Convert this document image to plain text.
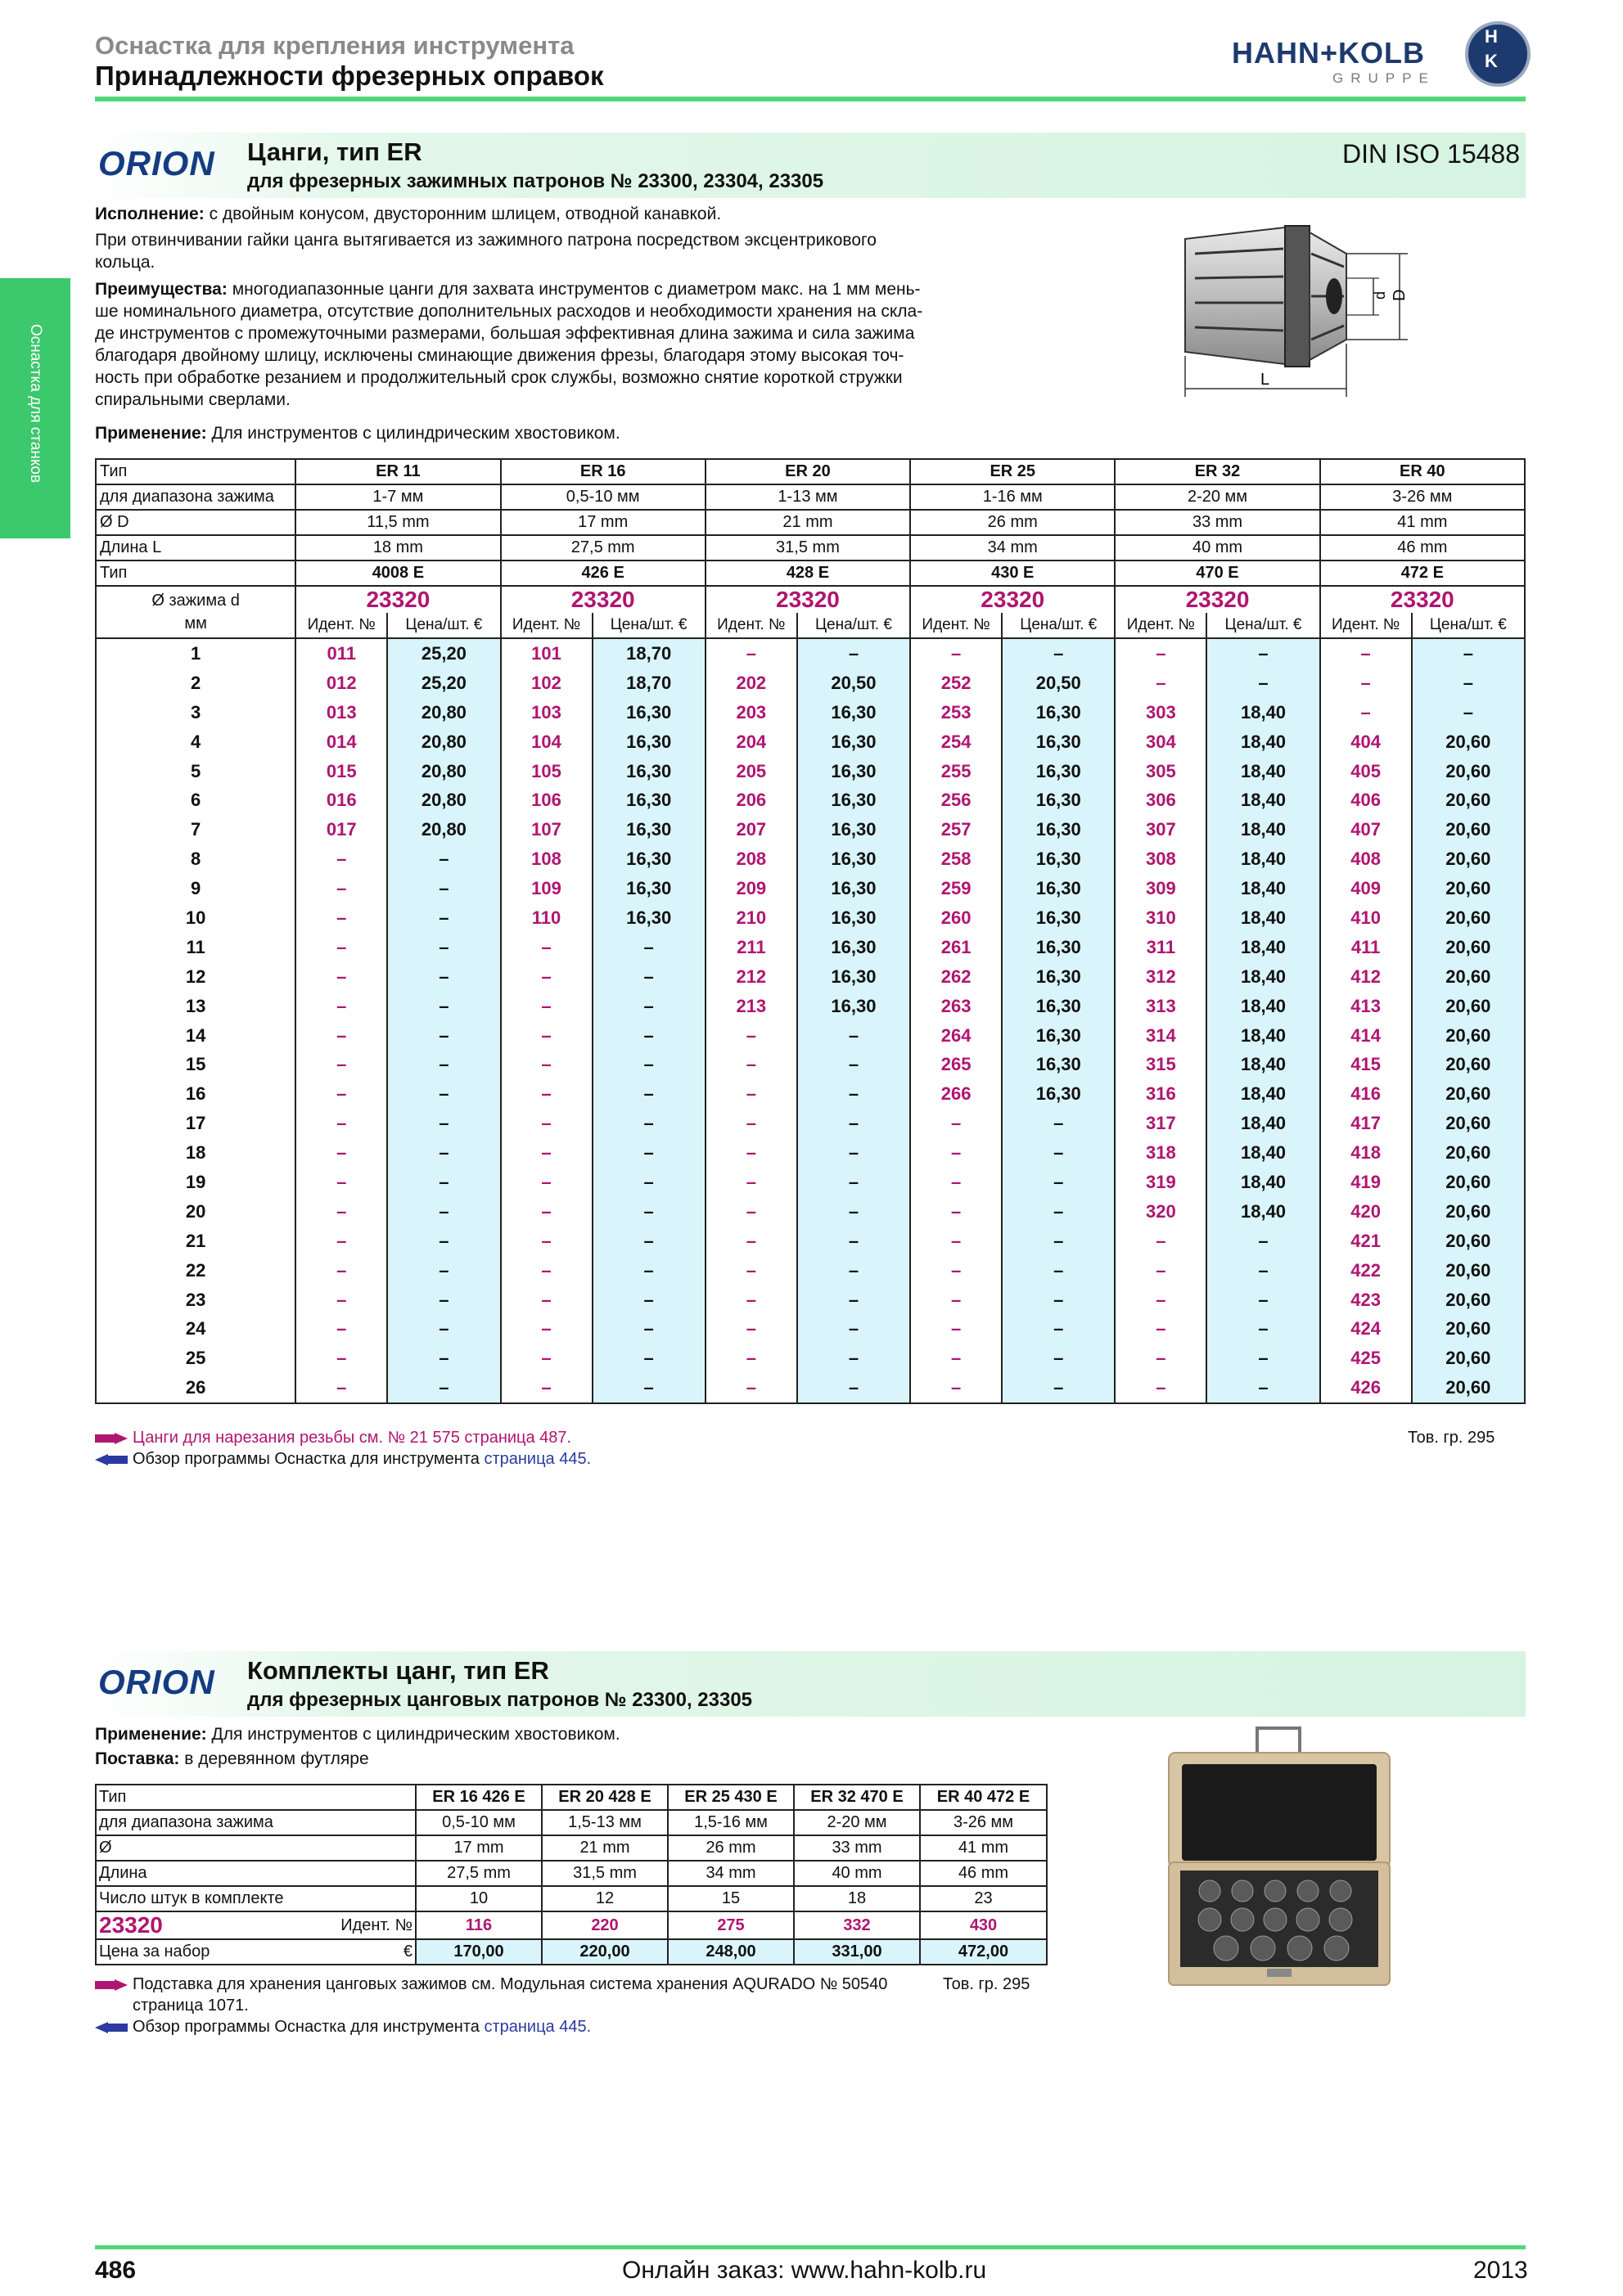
Оснастка для крепления инструмента
Принадлежности фрезерных оправок
HAHN+KOLB
GRUPPE
H
K
Оснастка для станков
ORION Цанги, тип ER
для фрезерных зажимных патронов № 23300, 23304, 23305
DIN ISO 15488
Исполнение: с двойным конусом, двусторонним шлицем, отводной канавкой.
При отвинчивании гайки цанга вытягивается из зажимного патрона посредством эксцентрикового
кольца.
Преимущества: многодиапазонные цанги для захвата инструментов с диаметром макс. на 1 мм мень-
ше номинального диаметра, отсутствие дополнительных расходов и необходимости хранения на скла-
де инструментов с промежуточными размерами, большая эффективная длина зажима и сила зажима
благодаря двойному шлицу, исключены сминающие движения фрезы, благодаря этому высокая точ-
ность при обработке резанием и продолжительный срок службы, возможно снятие короткой стружки
спиральными сверлами.
Применение: Для инструментов с цилиндрическим хвостовиком.
D
d
L
Тип	ER 11		ER 16		ER 20		ER 25		ER 32		ER 40	
для диапазона зажима	1-7 мм		0,5-10 мм		1-13 мм		1-16 мм		2-20 мм		3-26 мм	
Ø D	11,5 mm		17 mm		21 mm		26 mm		33 mm		41 mm	
Длина L	18 mm		27,5 mm		31,5 mm		34 mm		40 mm		46 mm	
Тип	4008 E		426 E		428 E		430 E		470 E		472 E	

Ø зажима d
мм	23320		23320		23320		23320		23320		23320	
	Идент. №	Цена/шт. €	Идент. №	Цена/шт. €	Идент. №	Цена/шт. €	Идент. №	Цена/шт. €	Идент. №	Цена/шт. €	Идент. №	Цена/шт. €
1	011	25,20	101	18,70	–	–	–	–	–	–	–	–
2	012	25,20	102	18,70	202	20,50	252	20,50	–	–	–	–
3	013	20,80	103	16,30	203	16,30	253	16,30	303	18,40	–	–
4	014	20,80	104	16,30	204	16,30	254	16,30	304	18,40	404	20,60
5	015	20,80	105	16,30	205	16,30	255	16,30	305	18,40	405	20,60
6	016	20,80	106	16,30	206	16,30	256	16,30	306	18,40	406	20,60
7	017	20,80	107	16,30	207	16,30	257	16,30	307	18,40	407	20,60
8	–	–	108	16,30	208	16,30	258	16,30	308	18,40	408	20,60
9	–	–	109	16,30	209	16,30	259	16,30	309	18,40	409	20,60
10	–	–	110	16,30	210	16,30	260	16,30	310	18,40	410	20,60
11	–	–	–	–	211	16,30	261	16,30	311	18,40	411	20,60
12	–	–	–	–	212	16,30	262	16,30	312	18,40	412	20,60
13	–	–	–	–	213	16,30	263	16,30	313	18,40	413	20,60
14	–	–	–	–	–	–	264	16,30	314	18,40	414	20,60
15	–	–	–	–	–	–	265	16,30	315	18,40	415	20,60
16	–	–	–	–	–	–	266	16,30	316	18,40	416	20,60
17	–	–	–	–	–	–	–	–	317	18,40	417	20,60
18	–	–	–	–	–	–	–	–	318	18,40	418	20,60
19	–	–	–	–	–	–	–	–	319	18,40	419	20,60
20	–	–	–	–	–	–	–	–	320	18,40	420	20,60
21	–	–	–	–	–	–	–	–	–	–	421	20,60
22	–	–	–	–	–	–	–	–	–	–	422	20,60
23	–	–	–	–	–	–	–	–	–	–	423	20,60
24	–	–	–	–	–	–	–	–	–	–	424	20,60
25	–	–	–	–	–	–	–	–	–	–	425	20,60
26	–	–	–	–	–	–	–	–	–	–	426	20,60
Цанги для нарезания резьбы см. № 21 575 страница 487.
Обзор программы Оснастка для инструмента страница 445.
Тов. гр. 295
ORION Комплекты цанг, тип ER
для фрезерных цанговых патронов № 23300, 23305
Применение: Для инструментов с цилиндрическим хвостовиком.
Поставка: в деревянном футляре
Тип		ER 16 426 E	ER 20 428 E	ER 25 430 E	ER 32 470 E	ER 40 472 E
для диапазона зажима		0,5-10 мм	1,5-13 мм	1,5-16 мм	2-20 мм	3-26 мм
Ø		17 mm	21 mm	26 mm	33 mm	41 mm
Длина		27,5 mm	31,5 mm	34 mm	40 mm	46 mm
Число штук в комплекте		10	12	15	18	23
23320	Идент. №	116	220	275	332	430
Цена за набор	€	170,00	220,00	248,00	331,00	472,00
Подставка для хранения цанговых зажимов см. Модульная система хранения AQURADO № 50540
страница 1071.
Тов. гр. 295
Обзор программы Оснастка для инструмента страница 445.
486	Онлайн заказ: www.hahn-kolb.ru	2013
